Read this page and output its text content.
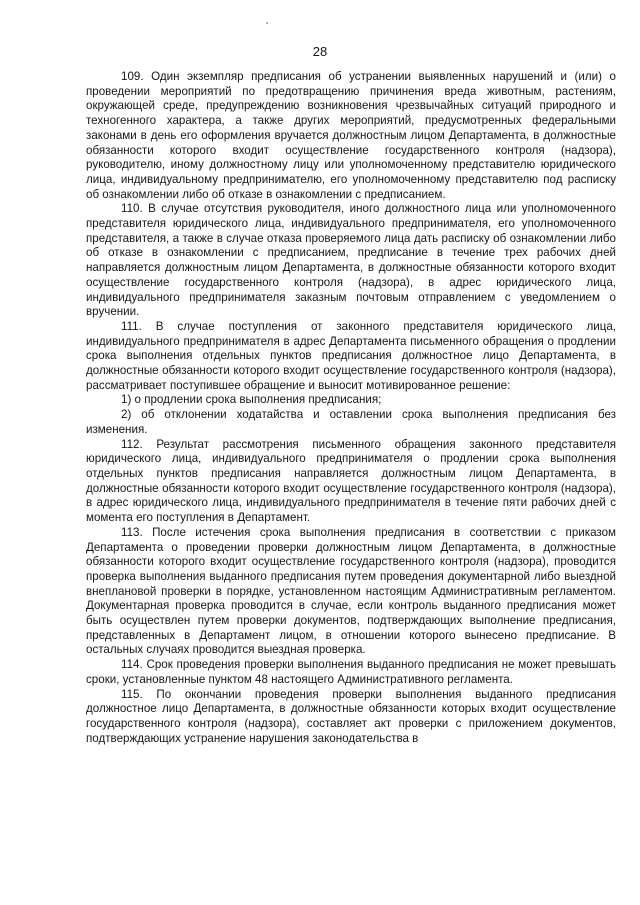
28

109. Один экземпляр предписания об устранении выявленных нарушений и (или) о проведении мероприятий по предотвращению причинения вреда животным, растениям, окружающей среде, предупреждению возникновения чрезвычайных ситуаций природного и техногенного характера, а также других мероприятий, предусмотренных федеральными законами в день его оформления вручается должностным лицом Департамента, в должностные обязанности которого входит осуществление государственного контроля (надзора), руководителю, иному должностному лицу или уполномоченному представителю юридического лица, индивидуальному предпринимателю, его уполномоченному представителю под расписку об ознакомлении либо об отказе в ознакомлении с предписанием.

110. В случае отсутствия руководителя, иного должностного лица или уполномоченного представителя юридического лица, индивидуального предпринимателя, его уполномоченного представителя, а также в случае отказа проверяемого лица дать расписку об ознакомлении либо об отказе в ознакомлении с предписанием, предписание в течение трех рабочих дней направляется должностным лицом Департамента, в должностные обязанности которого входит осуществление государственного контроля (надзора), в адрес юридического лица, индивидуального предпринимателя заказным почтовым отправлением с уведомлением о вручении.

111. В случае поступления от законного представителя юридического лица, индивидуального предпринимателя в адрес Департамента письменного обращения о продлении срока выполнения отдельных пунктов предписания должностное лицо Департамента, в должностные обязанности которого входит осуществление государственного контроля (надзора), рассматривает поступившее обращение и выносит мотивированное решение:

1) о продлении срока выполнения предписания;

2) об отклонении ходатайства и оставлении срока выполнения предписания без изменения.

112. Результат рассмотрения письменного обращения законного представителя юридического лица, индивидуального предпринимателя о продлении срока выполнения отдельных пунктов предписания направляется должностным лицом Департамента, в должностные обязанности которого входит осуществление государственного контроля (надзора), в адрес юридического лица, индивидуального предпринимателя в течение пяти рабочих дней с момента его поступления в Департамент.

113. После истечения срока выполнения предписания в соответствии с приказом Департамента о проведении проверки должностным лицом Департамента, в должностные обязанности которого входит осуществление государственного контроля (надзора), проводится проверка выполнения выданного предписания путем проведения документарной либо выездной внеплановой проверки в порядке, установленном настоящим Административным регламентом. Документарная проверка проводится в случае, если контроль выданного предписания может быть осуществлен путем проверки документов, подтверждающих выполнение предписания, представленных в Департамент лицом, в отношении которого вынесено предписание. В остальных случаях проводится выездная проверка.

114. Срок проведения проверки выполнения выданного предписания не может превышать сроки, установленные пунктом 48 настоящего Административного регламента.

115. По окончании проведения проверки выполнения выданного предписания должностное лицо Департамента, в должностные обязанности которых входит осуществление государственного контроля (надзора), составляет акт проверки с приложением документов, подтверждающих устранение нарушения законодательства в
